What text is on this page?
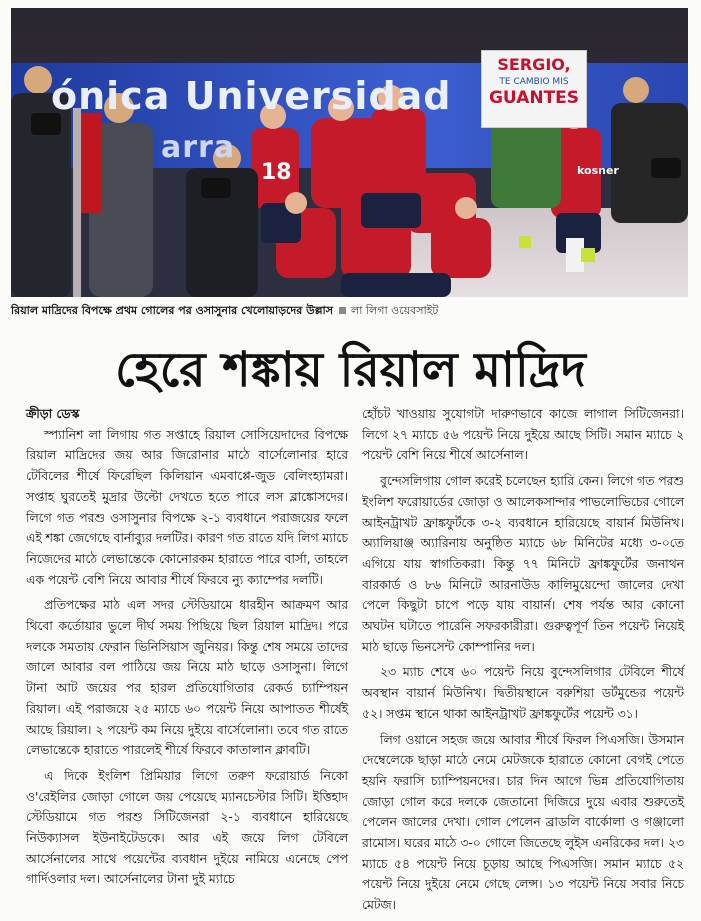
ónica Universidad
arra
SERGIO,
TE CAMBIO MIS
GUANTES
18	kosner
রিয়াল মাদ্রিদের বিপক্ষে প্রথম গোলের পর ওসাসুনার খেলোয়াড়দের উল্লাস লা লিগা ওয়েবসাইট
হেরে শঙ্কায় রিয়াল মাদ্রিদ
ক্রীড়া ডেস্ক

স্প্যানিশ লা লিগায় গত সপ্তাহে রিয়াল সোসিয়েদাদের বিপক্ষে রিয়াল মাদ্রিদের জয় আর জিরোনার মাঠে বার্সেলোনার হারে টেবিলের শীর্ষে ফিরেছিল কিলিয়ান এমবাপ্পে-জুড বেলিংহ্যামরা। সপ্তাহ ঘুরতেই মুদ্রার উল্টো দেখতে হতে পারে লস ব্লাঙ্কোসদের। লিগে গত পরশু ওসাসুনার বিপক্ষে ২-১ ব্যবধানে পরাজয়ের ফলে এই শঙ্কা জেগেছে বার্নাব্যুর দলটির। কারণ গত রাতে যদি লিগ ম্যাচে নিজেদের মাঠে লেভান্তেকে কোনোরকম হারাতে পারে বার্সা, তাহলে এক পয়েন্ট বেশি নিয়ে আবার শীর্ষে ফিরবে ন্যু ক্যাম্পের দলটি।

প্রতিপক্ষের মাঠ এল সদর স্টেডিয়ামে ধারহীন আক্রমণ আর থিবো কর্তোয়ার ভুলে দীর্ঘ সময় পিছিয়ে ছিল রিয়াল মাদ্রিদ। পরে দলকে সমতায় ফেরান ভিনিসিয়াস জুনিয়র। কিন্তু শেষ সময়ে তাদের জালে আবার বল পাঠিয়ে জয় নিয়ে মাঠ ছাড়ে ওসাসুনা। লিগে টানা আট জয়ের পর হারল প্রতিযোগিতার রেকর্ড চ্যাম্পিয়ন রিয়াল। এই পরাজয়ে ২৫ ম্যাচে ৬০ পয়েন্ট নিয়ে আপাতত শীর্ষেই আছে রিয়াল। ২ পয়েন্ট কম নিয়ে দুইয়ে বার্সেলোনা। তবে গত রাতে লেভান্তেকে হারাতে পারলেই শীর্ষে ফিরবে কাতালান ক্লাবটি।

এ দিকে ইংলিশ প্রিমিয়ার লিগে তরুণ ফরোয়ার্ড নিকো ও'রেইলির জোড়া গোলে জয় পেয়েছে ম্যানচেস্টার সিটি। ইত্তিহাদ স্টেডিয়ামে গত পরশু সিটিজেনরা ২-১ ব্যবধানে হারিয়েছে নিউক্যাসল ইউনাইটেডকে। আর এই জয়ে লিগ টেবিলে আর্সেনালের সাথে পয়েন্টের ব্যবধান দুইয়ে নামিয়ে এনেছে পেপ গার্দিওলার দল। আর্সেনালের টানা দুই ম্যাচে

হোঁচট খাওয়ায় সুযোগটা দারুণভাবে কাজে লাগাল সিটিজেনরা। লিগে ২৭ ম্যাচে ৫৬ পয়েন্ট নিয়ে দুইয়ে আছে সিটি। সমান ম্যাচে ২ পয়েন্ট বেশি নিয়ে শীর্ষে আর্সেনাল।

বুন্দেসলিগায় গোল করেই চলেছেন হ্যারি কেন। লিগে গত পরশু ইংলিশ ফরোয়ার্ডের জোড়া ও আলেকসান্দার পাভলোভিচের গোলে আইনট্রাখট ফ্রাঙ্কফুর্টকে ৩-২ ব্যবধানে হারিয়েছে বায়ার্ন মিউনিখ। অ্যালিয়াঞ্জ অ্যারিনায় অনুষ্ঠিত ম্যাচে ৬৮ মিনিটের মধ্যে ৩-০তে এগিয়ে যায় স্বাগতিকরা। কিন্তু ৭৭ মিনিটে ফ্রাঙ্কফুর্টের জনাথন বারকার্ড ও ৮৬ মিনিটে আরনাউড কালিমুয়েন্দো জালের দেখা পেলে কিছুটা চাপে পড়ে যায় বায়ার্ন। শেষ পর্যন্ত আর কোনো অঘটন ঘটাতে পারেনি সফরকারীরা। গুরুত্বপূর্ণ তিন পয়েন্ট নিয়েই মাঠ ছাড়ে ভিনসেন্ট কোম্পানির দল।

২৩ ম্যাচ শেষে ৬০ পয়েন্ট নিয়ে বুন্দেসলিগার টেবিলে শীর্ষে অবস্থান বায়ার্ন মিউনিখ। দ্বিতীয়স্থানে বরুশিয়া ডর্টমুন্ডের পয়েন্ট ৫২। সপ্তম স্থানে থাকা আইনট্রাখট ফ্রাঙ্কফুর্টের পয়েন্ট ৩১।

লিগ ওয়ানে সহজ জয়ে আবার শীর্ষে ফিরল পিএসজি। উসমান দেম্বেলেকে ছাড়া মাঠে নেমে মেটজকে হারাতে কোনো বেগই পেতে হয়নি ফরাসি চ্যাম্পিয়নদের। চার দিন আগে ভিন্ন প্রতিযোগিতায় জোড়া গোল করে দলকে জেতানো দিজিরে দুয়ে এবার শুরুতেই পেলেন জালের দেখা। গোল পেলেন ব্রাডলি বার্কোলা ও গঞ্জালো রামোস। ঘরের মাঠে ৩-০ গোলে জিতেছে লুইস এনরিকের দল। ২৩ ম্যাচে ৫৪ পয়েন্ট নিয়ে চূড়ায় আছে পিএসজি। সমান ম্যাচে ৫২ পয়েন্ট নিয়ে দুইয়ে নেমে গেছে লেন্স। ১৩ পয়েন্ট নিয়ে সবার নিচে মেটজ।
